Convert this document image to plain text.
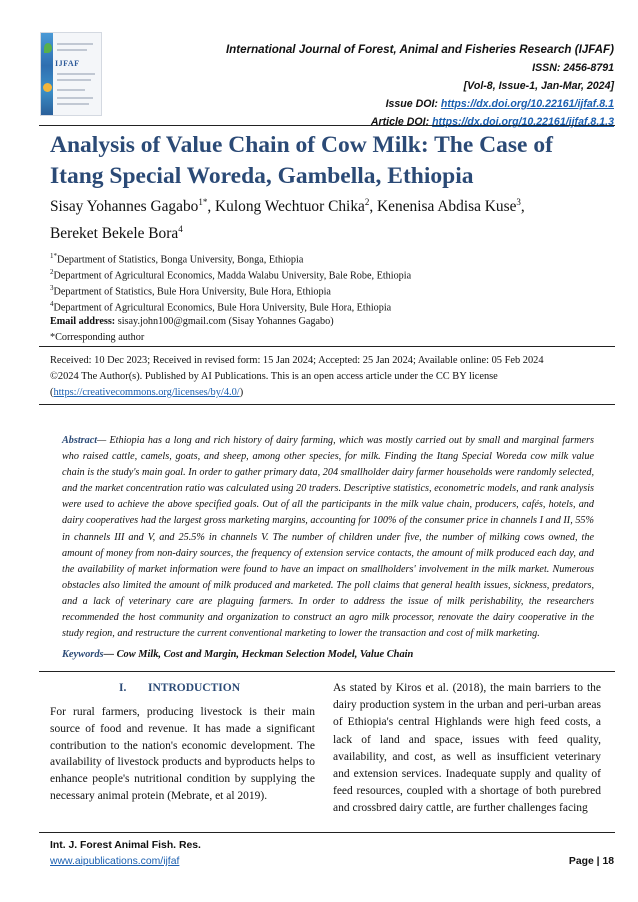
IJFAF
International Journal of Forest, Animal and Fisheries Research (IJFAF)
ISSN: 2456-8791
[Vol-8, Issue-1, Jan-Mar, 2024]
Issue DOI: https://dx.doi.org/10.22161/ijfaf.8.1
Article DOI: https://dx.doi.org/10.22161/ijfaf.8.1.3
Analysis of Value Chain of Cow Milk: The Case of
Itang Special Woreda, Gambella, Ethiopia
Sisay Yohannes Gagabo$^{1*}$, Kulong Wechtuor Chika$^2$, Kenenisa Abdisa Kuse$^3$,
Bereket Bekele Bora$^4$
$^{1*}$Department of Statistics, Bonga University, Bonga, Ethiopia
$^2$Department of Agricultural Economics, Madda Walabu University, Bale Robe, Ethiopia
$^3$Department of Statistics, Bule Hora University, Bule Hora, Ethiopia
$^4$Department of Agricultural Economics, Bule Hora University, Bule Hora, Ethiopia
Email address: sisay.john100@gmail.com (Sisay Yohannes Gagabo)
*Corresponding author
Received: 10 Dec 2023; Received in revised form: 15 Jan 2024; Accepted: 25 Jan 2024; Available online: 05 Feb 2024
©2024 The Author(s). Published by AI Publications. This is an open access article under the CC BY license
(https://creativecommons.org/licenses/by/4.0/)
Abstract— Ethiopia has a long and rich history of dairy farming, which was mostly carried out by small and marginal farmers who raised cattle, camels, goats, and sheep, among other species, for milk. Finding the Itang Special Woreda cow milk value chain is the study's main goal. In order to gather primary data, 204 smallholder dairy farmer households were randomly selected, and the market concentration ratio was calculated using 20 traders. Descriptive statistics, econometric models, and rank analysis were used to achieve the above specified goals. Out of all the participants in the milk value chain, producers, cafés, hotels, and dairy cooperatives had the largest gross marketing margins, accounting for 100% of the consumer price in channels I and II, 55% in channels III and V, and 25.5% in channels V. The number of children under five, the number of milking cows owned, the amount of money from non-dairy sources, the frequency of extension service contacts, the amount of milk produced each day, and the availability of market information were found to have an impact on smallholders' involvement in the milk market. Numerous obstacles also limited the amount of milk produced and marketed. The poll claims that general health issues, sickness, predators, and a lack of veterinary care are plaguing farmers. In order to address the issue of milk perishability, the researchers recommended the host community and organization to construct an agro milk processor, renovate the dairy cooperative in the study region, and restructure the current conventional marketing to lower the transaction and cost of milk marketing.
Keywords— Cow Milk, Cost and Margin, Heckman Selection Model, Value Chain
I. INTRODUCTION
For rural farmers, producing livestock is their main source of food and revenue. It has made a significant contribution to the nation's economic development. The availability of livestock products and byproducts helps to enhance people's nutritional condition by supplying the necessary animal protein (Mebrate, et al 2019).
As stated by Kiros et al. (2018), the main barriers to the dairy production system in the urban and peri-urban areas of Ethiopia's central Highlands were high feed costs, a lack of land and space, issues with feed quality, availability, and cost, as well as insufficient veterinary and extension services. Inadequate supply and quality of feed resources, coupled with a shortage of both purebred and crossbred dairy cattle, are further challenges facing
Int. J. Forest Animal Fish. Res.
www.aipublications.com/ijfaf	Page | 18
